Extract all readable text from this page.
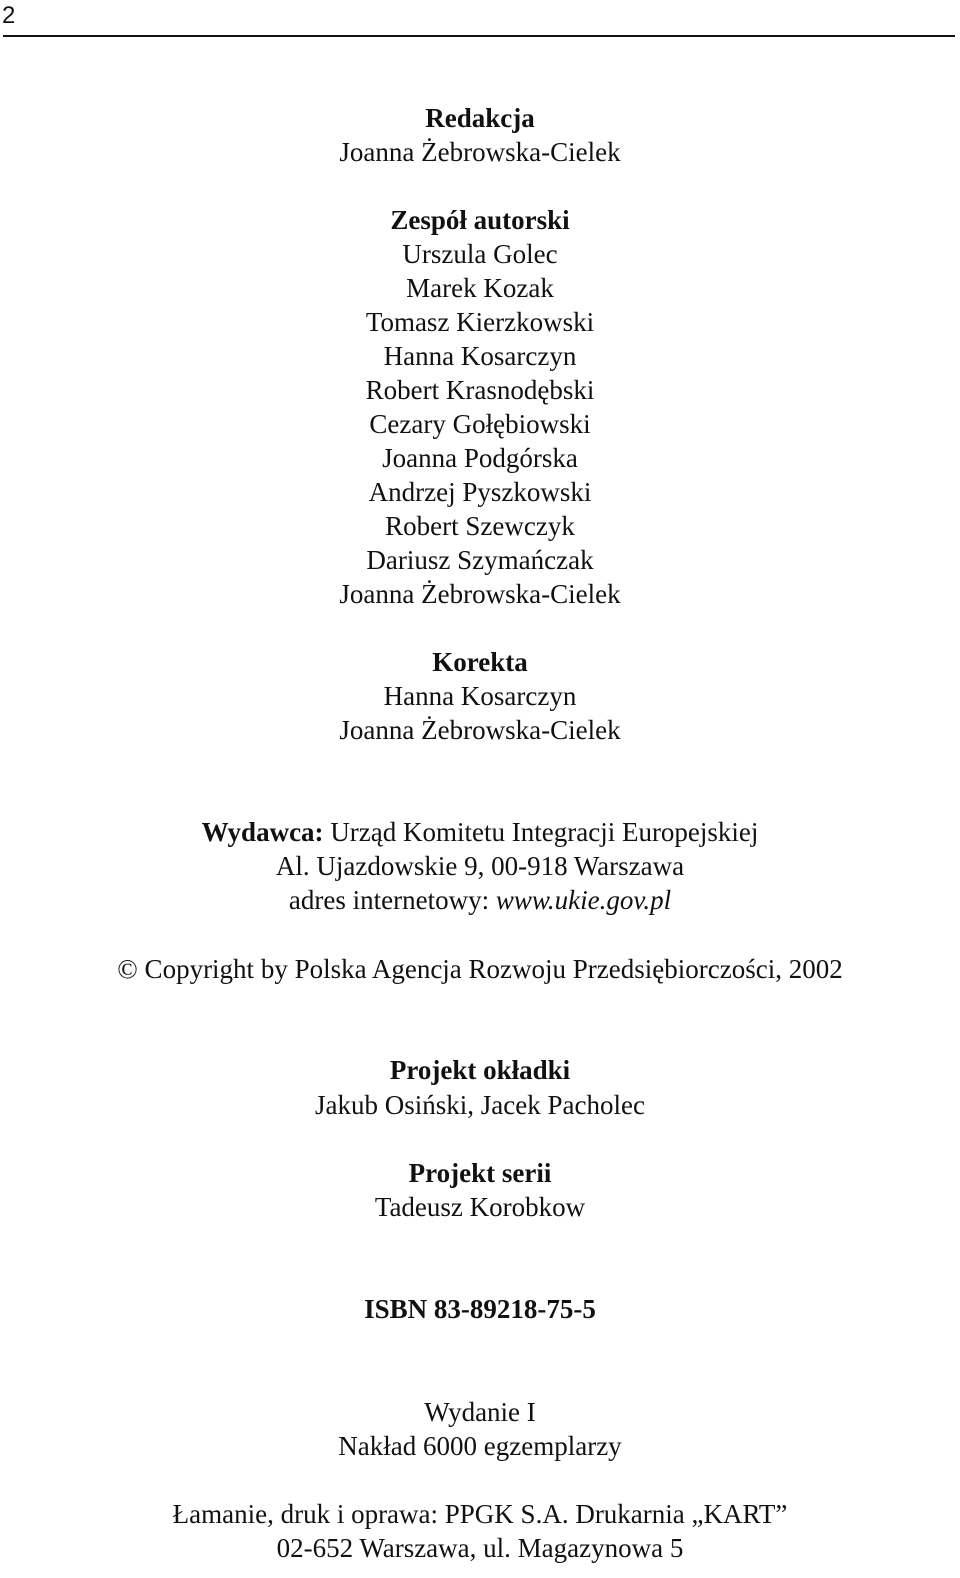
2
Redakcja
Joanna Żebrowska-Cielek
Zespół autorski
Urszula Golec
Marek Kozak
Tomasz Kierzkowski
Hanna Kosarczyn
Robert Krasnodębski
Cezary Gołębiowski
Joanna Podgórska
Andrzej Pyszkowski
Robert Szewczyk
Dariusz Szymańczak
Joanna Żebrowska-Cielek
Korekta
Hanna Kosarczyn
Joanna Żebrowska-Cielek
Wydawca: Urząd Komitetu Integracji Europejskiej
Al. Ujazdowskie 9, 00-918 Warszawa
adres internetowy: www.ukie.gov.pl
© Copyright by Polska Agencja Rozwoju Przedsiębiorczości, 2002
Projekt okładki
Jakub Osiński, Jacek Pacholec
Projekt serii
Tadeusz Korobkow
ISBN 83-89218-75-5
Wydanie I
Nakład 6000 egzemplarzy
Łamanie, druk i oprawa: PPGK S.A. Drukarnia „KART”
02-652 Warszawa, ul. Magazynowa 5
